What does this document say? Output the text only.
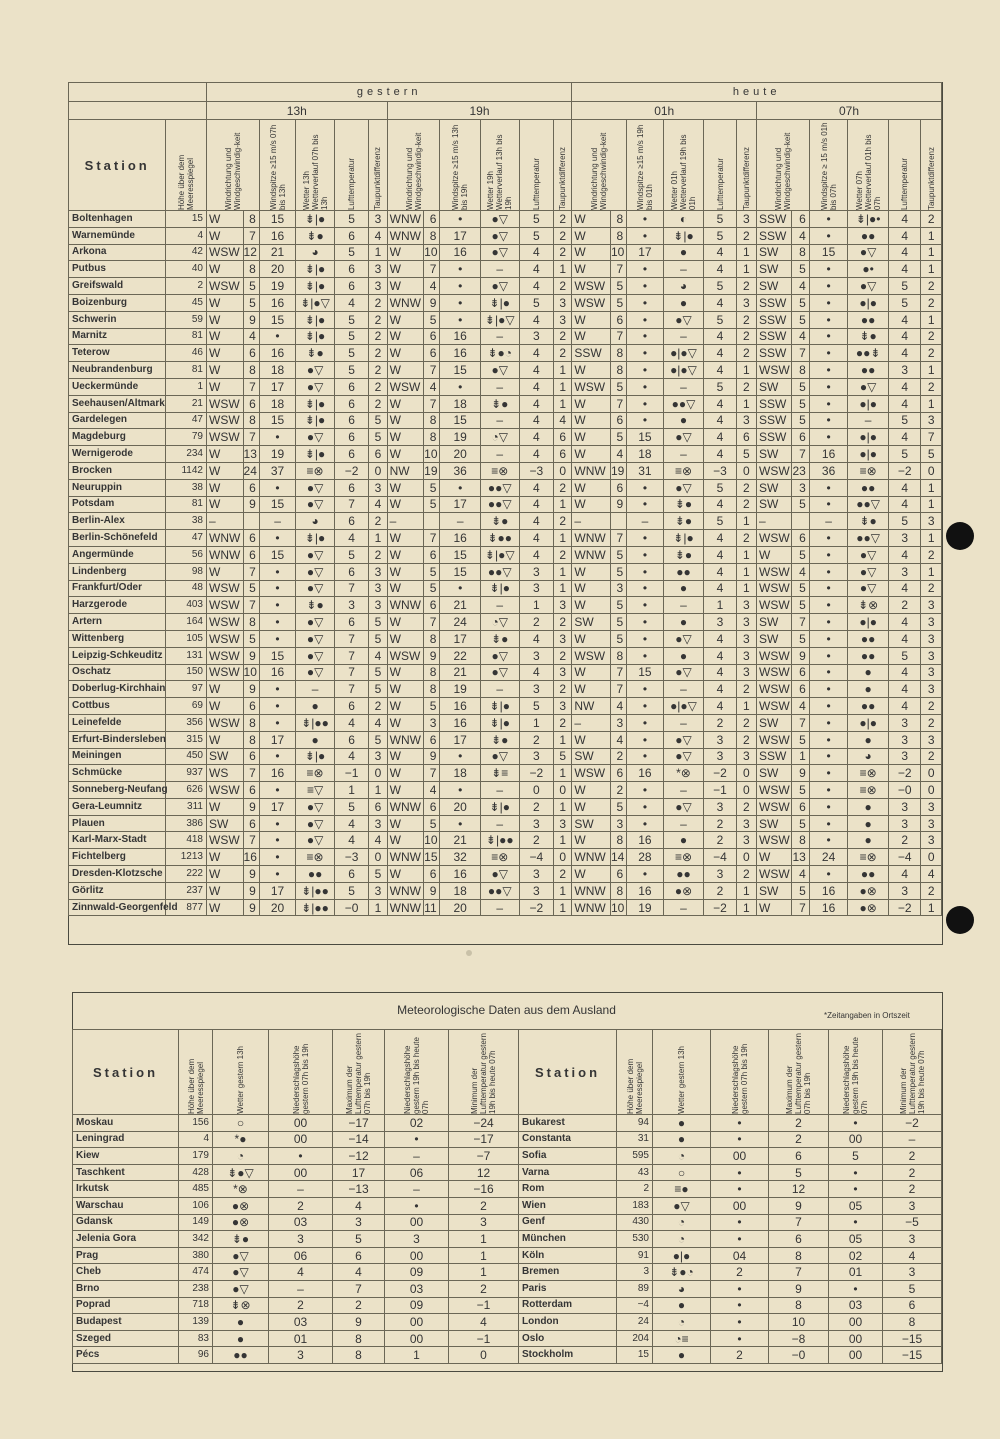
		gestern												heute											
		13h						19h						01h						07h					
Station	Höhe über dem Meeresspiegel	Windrichtung und Windgeschwindig-keit		Windspitze ≥15 m/s 07h bis 13h	Wetter 13h Wetterverlauf 07h bis 13h	Lufttemperatur	Taupunktdifferenz	Windrichtung und Windgeschwindig-keit		Windspitze ≥15 m/s 13h bis 19h	Wetter 19h Wetterverlauf 13h bis 19h	Lufttemperatur	Taupunktdifferenz	Windrichtung und Windgeschwindig-keit		Windspitze ≥15 m/s 19h bis 01h	Wetter 01h Wetterverlauf 19h bis 01h	Lufttemperatur	Taupunktdifferenz	Windrichtung und Windgeschwindig-keit		Windspitze ≥ 15 m/s 01h bis 07h	Wetter 07h Wetterverlauf 01h bis 07h	Lufttemperatur	Taupunktdifferenz

Boltenhagen	15	W	8	15	⇟|●	5	3	WNW	6	•	●▽	5	2	W	8	•	◐	5	3	SSW	6	•	⇟|●•	4	2
Warnemünde	4	W	7	16	⇟●	6	4	WNW	8	17	●▽	5	2	W	8	•	⇟|●	5	2	SSW	4	•	●●	4	1
Arkona	42	WSW	12	21	◕	5	1	W	10	16	●▽	4	2	W	10	17	●	4	1	SW	8	15	●▽	4	1
Putbus	40	W	8	20	⇟|●	6	3	W	7	•	–	4	1	W	7	•	–	4	1	SW	5	•	●•	4	1
Greifswald	2	WSW	5	19	⇟|●	6	3	W	4	•	●▽	4	2	WSW	5	•	◕	5	2	SW	4	•	●▽	5	2
Boizenburg	45	W	5	16	⇟|●▽	4	2	WNW	9	•	⇟|●	5	3	WSW	5	•	●	4	3	SSW	5	•	●|●	5	2
Schwerin	59	W	9	15	⇟|●	5	2	W	5	•	⇟|●▽	4	3	W	6	•	●▽	5	2	SSW	5	•	●●	4	1
Marnitz	81	W	4	•	⇟|●	5	2	W	6	16	–	3	2	W	7	•	–	4	2	SSW	4	•	⇟●	4	2
Teterow	46	W	6	16	⇟●	5	2	W	6	16	⇟●◔	4	2	SSW	8	•	●|●▽	4	2	SSW	7	•	●●⇟	4	2
Neubrandenburg	81	W	8	18	●▽	5	2	W	7	15	●▽	4	1	W	8	•	●|●▽	4	1	WSW	8	•	●●	3	1
Ueckermünde	1	W	7	17	●▽	6	2	WSW	4	•	–	4	1	WSW	5	•	–	5	2	SW	5	•	●▽	4	2
Seehausen/Altmark	21	WSW	6	18	⇟|●	6	2	W	7	18	⇟●	4	1	W	7	•	●●▽	4	1	SSW	5	•	●|●	4	1
Gardelegen	47	WSW	8	15	⇟|●	6	5	W	8	15	–	4	4	W	6	•	●	4	3	SSW	5	•	–	5	3
Magdeburg	79	WSW	7	•	●▽	6	5	W	8	19	◔▽	4	6	W	5	15	●▽	4	6	SSW	6	•	●|●	4	7
Wernigerode	234	W	13	19	⇟|●	6	6	W	10	20	–	4	6	W	4	18	–	4	5	SW	7	16	●|●	5	5
Brocken	1142	W	24	37	≡⊗	−2	0	NW	19	36	≡⊗	−3	0	WNW	19	31	≡⊗	−3	0	WSW	23	36	≡⊗	−2	0
Neuruppin	38	W	6	•	●▽	6	3	W	5	•	●●▽	4	2	W	6	•	●▽	5	2	SW	3	•	●●	4	1
Potsdam	81	W	9	15	●▽	7	4	W	5	17	●●▽	4	1	W	9	•	⇟●	4	2	SW	5	•	●●▽	4	1
Berlin-Alex	38	–		–	◕	6	2	–		–	⇟●	4	2	–		–	⇟●	5	1	–		–	⇟●	5	3
Berlin-Schönefeld	47	WNW	6	•	⇟|●	4	1	W	7	16	⇟●●	4	1	WNW	7	•	⇟|●	4	2	WSW	6	•	●●▽	3	1
Angermünde	56	WNW	6	15	●▽	5	2	W	6	15	⇟|●▽	4	2	WNW	5	•	⇟●	4	1	W	5	•	●▽	4	2
Lindenberg	98	W	7	•	●▽	6	3	W	5	15	●●▽	3	1	W	5	•	●●	4	1	WSW	4	•	●▽	3	1
Frankfurt/Oder	48	WSW	5	•	●▽	7	3	W	5	•	⇟|●	3	1	W	3	•	●	4	1	WSW	5	•	●▽	4	2
Harzgerode	403	WSW	7	•	⇟●	3	3	WNW	6	21	–	1	3	W	5	•	–	1	3	WSW	5	•	⇟⊗	2	3
Artern	164	WSW	8	•	●▽	6	5	W	7	24	◔▽	2	2	SW	5	•	●	3	3	SW	7	•	●|●	4	3
Wittenberg	105	WSW	5	•	●▽	7	5	W	8	17	⇟●	4	3	W	5	•	●▽	4	3	SW	5	•	●●	4	3
Leipzig-Schkeuditz	131	WSW	9	15	●▽	7	4	WSW	9	22	●▽	3	2	WSW	8	•	●	4	3	WSW	9	•	●●	5	3
Oschatz	150	WSW	10	16	●▽	7	5	W	8	21	●▽	4	3	W	7	15	●▽	4	3	WSW	6	•	●	4	3
Doberlug-Kirchhain	97	W	9	•	–	7	5	W	8	19	–	3	2	W	7	•	–	4	2	WSW	6	•	●	4	3
Cottbus	69	W	6	•	●	6	2	W	5	16	⇟|●	5	3	NW	4	•	●|●▽	4	1	WSW	4	•	●●	4	2
Leinefelde	356	WSW	8	•	⇟|●●	4	4	W	3	16	⇟|●	1	2	–	3	•	–	2	2	SW	7	•	●|●	3	2
Erfurt-Bindersleben	315	W	8	17	●	6	5	WNW	6	17	⇟●	2	1	W	4	•	●▽	3	2	WSW	5	•	●	3	3
Meiningen	450	SW	6	•	⇟|●	4	3	W	9	•	●▽	3	5	SW	2	•	●▽	3	3	SSW	1	•	◕	3	2
Schmücke	937	WS	7	16	≡⊗	−1	0	W	7	18	⇟≡	−2	1	WSW	6	16	*⊗	−2	0	SW	9	•	≡⊗	−2	0
Sonneberg-Neufang	626	WSW	6	•	≡▽	1	1	W	4	•	–	0	0	W	2	•	–	−1	0	WSW	5	•	≡⊗	−0	0
Gera-Leumnitz	311	W	9	17	●▽	5	6	WNW	6	20	⇟|●	2	1	W	5	•	●▽	3	2	WSW	6	•	●	3	3
Plauen	386	SW	6	•	●▽	4	3	W	5	•	–	3	3	SW	3	•	–	2	3	SW	5	•	●	3	3
Karl-Marx-Stadt	418	WSW	7	•	●▽	4	4	W	10	21	⇟|●●	2	1	W	8	16	●	2	3	WSW	8	•	●	2	3
Fichtelberg	1213	W	16	•	≡⊗	−3	0	WNW	15	32	≡⊗	−4	0	WNW	14	28	≡⊗	−4	0	W	13	24	≡⊗	−4	0
Dresden-Klotzsche	222	W	9	•	●●	6	5	W	6	16	●▽	3	2	W	6	•	●●	3	2	WSW	4	•	●●	4	4
Görlitz	237	W	9	17	⇟|●●	5	3	WNW	9	18	●●▽	3	1	WNW	8	16	●⊗	2	1	SW	5	16	●⊗	3	2
Zinnwald-Georgenfeld	877	W	9	20	⇟|●●	−0	1	WNW	11	20	–	−2	1	WNW	10	19	–	−2	1	W	7	16	●⊗	−2	1
Meteorologische Daten aus dem Ausland	*Zeitangaben in Ortszeit
Station	Höhe über dem Meeresspiegel	Wetter gestern 13h	Niederschlagshöhe gestern 07h bis 19h	Maximum der Lufttemperatur gestern 07h bis 19h	Niederschlagshöhe gestern 19h bis heute 07h	Minimum der Lufttemperatur gestern 19h bis heute 07h

Moskau	156	○	00	−17	02	−24
Leningrad	4	*●	00	−14	•	−17
Kiew	179	◔	•	−12	–	−7
Taschkent	428	⇟●▽	00	17	06	12
Irkutsk	485	*⊗	–	−13	–	−16
Warschau	106	●⊗	2	4	•	2
Gdansk	149	●⊗	03	3	00	3
Jelenia Gora	342	⇟●	3	5	3	1
Prag	380	●▽	06	6	00	1
Cheb	474	●▽	4	4	09	1
Brno	238	●▽	–	7	03	2
Poprad	718	⇟⊗	2	2	09	−1
Budapest	139	●	03	9	00	4
Szeged	83	●	01	8	00	−1
Pécs	96	●●	3	8	1	0
Station	Höhe über dem Meeresspiegel	Wetter gestern 13h	Niederschlagshöhe gestern 07h bis 19h	Maximum der Lufttemperatur gestern 07h bis 19h	Niederschlagshöhe gestern 19h bis heute 07h	Minimum der Lufttemperatur gestern 19h bis heute 07h

Bukarest	94	●	•	2	•	−2
Constanta	31	●	•	2	00	–
Sofia	595	◔	00	6	5	2
Varna	43	○	•	5	•	2
Rom	2	≡●	•	12	•	2
Wien	183	●▽	00	9	05	3
Genf	430	◔	•	7	•	−5
München	530	◔	•	6	05	3
Köln	91	●|●	04	8	02	4
Bremen	3	⇟●◔	2	7	01	3
Paris	89	◕	•	9	•	5
Rotterdam	−4	●	•	8	03	6
London	24	◔	•	10	00	8
Oslo	204	◔≡	•	−8	00	−15
Stockholm	15	●	2	−0	00	−15
